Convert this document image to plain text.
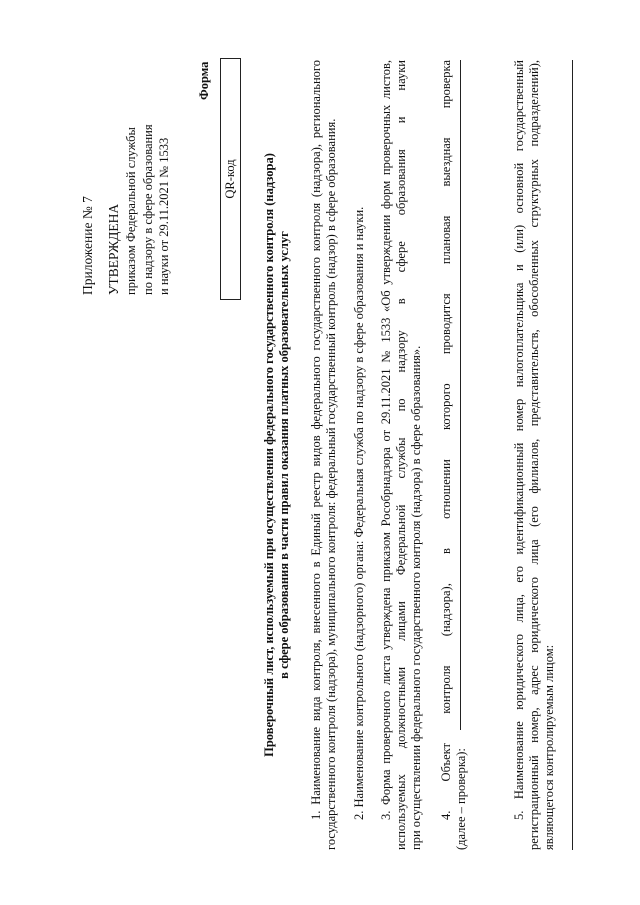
Приложение № 7 УТВЕРЖДЕНА приказом Федеральной службы по надзору в сфере образования и науки от 29.11.2021 № 1533
Форма
QR-код	Проверочный лист, используемый при осуществлении федерального государственного контроля (надзора) в сфере образования в части правил оказания платных образовательных услуг 1. Наименование вида контроля, внесенного в Единый реестр видов федерального государственного контроля (надзора), регионального государственного контроля (надзора), муниципального контроля: федеральный государственный контроль (надзор) в сфере образования. 2. Наименование контрольного (надзорного) органа: Федеральная служба по надзору в сфере образования и науки. 3. Форма проверочного листа утверждена приказом Рособрнадзора от 29.11.2021 № 1533 «Об утверждении форм проверочных листов, используемых должностными лицами Федеральной службы по надзору в сфере образования и науки при осуществлении федерального государственного контроля (надзора) в сфере образования». 4. Объект контроля (надзора), в отношении которого проводится плановая выездная проверка (далее – проверка):	5. Наименование юридического лица, его идентификационный номер налогоплательщика и (или) основной государственный регистрационный номер, адрес юридического лица (его филиалов, представительств, обособленных структурных подразделений), являющегося контролируемым лицом:
